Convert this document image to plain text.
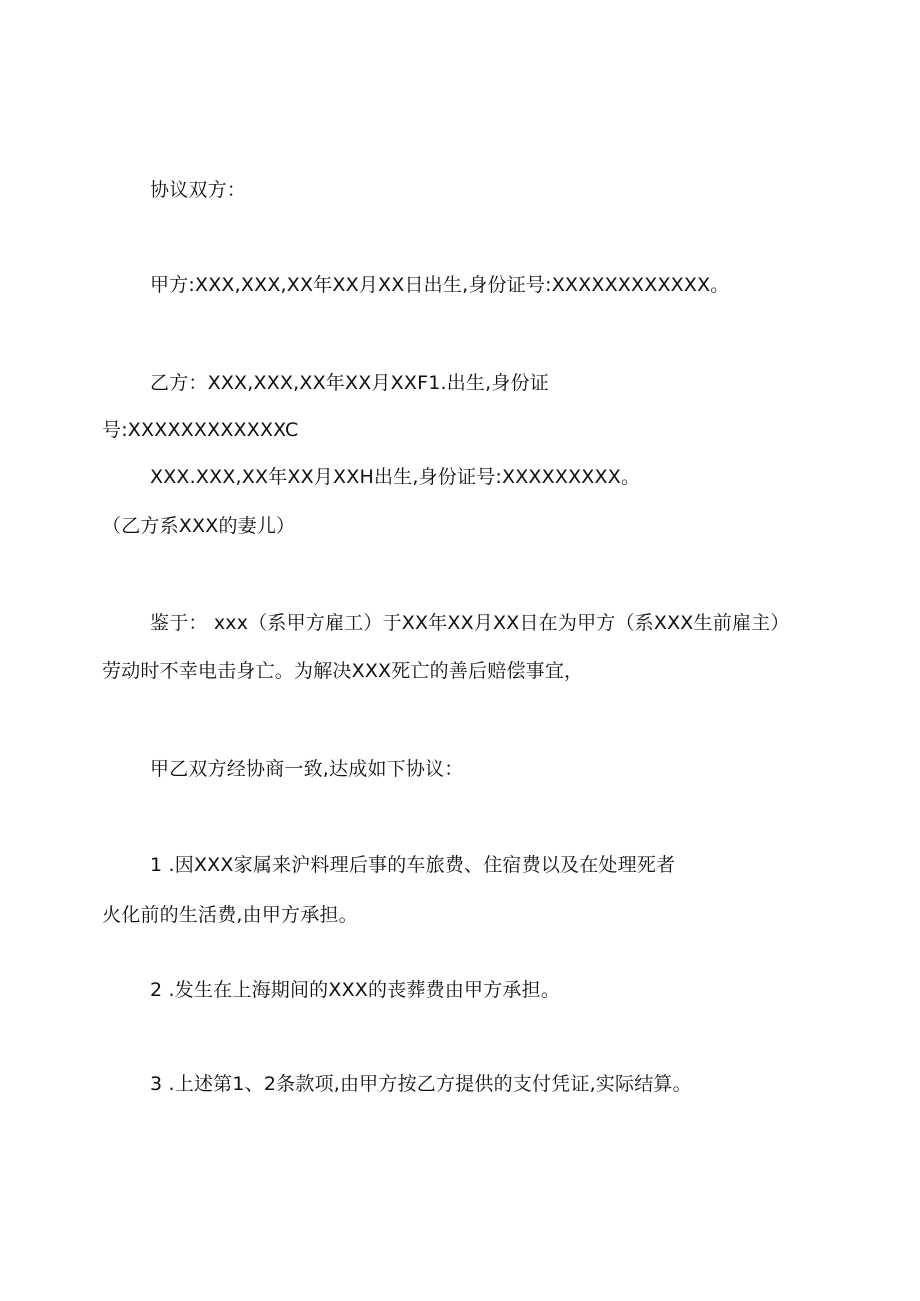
协议双方：
甲方:XXX,XXX,XX年XX月XX日出生,身份证号:XXXXXXXXXXXX。
乙方：XXX,XXX,XX年XX月XXF1.出生,身份证
号:XXXXXXXXXXXXC
XXX.XXX,XX年XX月XXH出生,身份证号:XXXXXXXXX。
（乙方系XXX的妻儿）
鉴于： xxx（系甲方雇工）于XX年XX月XX日在为甲方（系XXX生前雇主）
劳动时不幸电击身亡。为解决XXX死亡的善后赔偿事宜，
甲乙双方经协商一致,达成如下协议：
1 .因XXX家属来沪料理后事的车旅费、住宿费以及在处理死者
火化前的生活费,由甲方承担。
2 .发生在上海期间的XXX的丧葬费由甲方承担。
3 .上述第1、2条款项,由甲方按乙方提供的支付凭证,实际结算。
